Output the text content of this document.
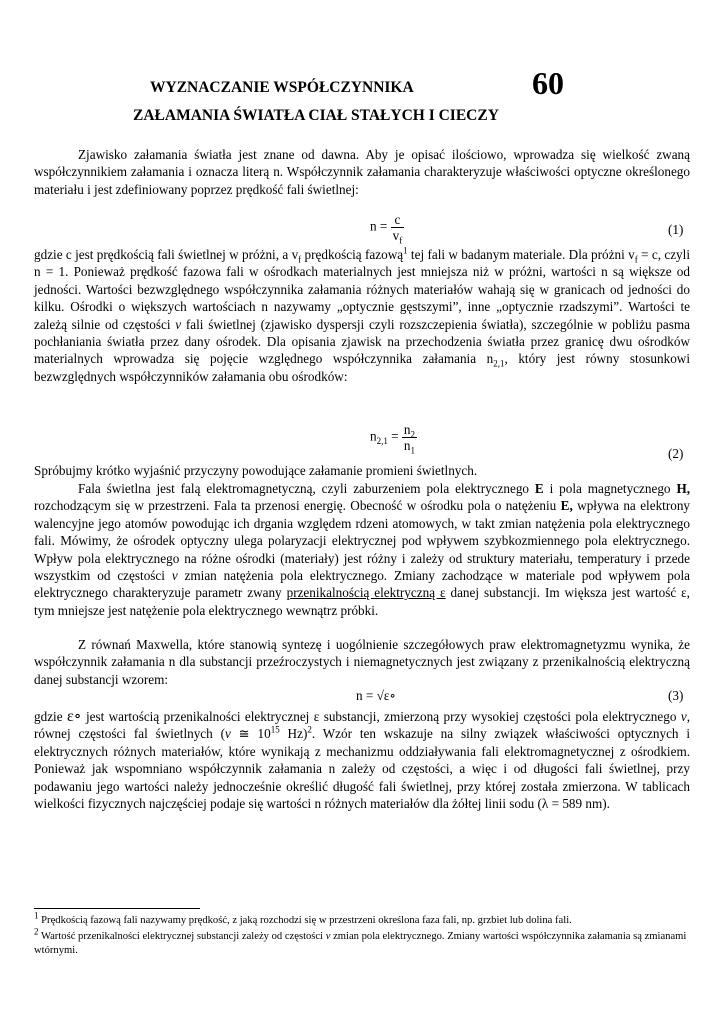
WYZNACZANIE WSPÓŁCZYNNIKA	60
ZAŁAMANIA ŚWIATŁA CIAŁ STAŁYCH I CIECZY
Zjawisko załamania światła jest znane od dawna. Aby je opisać ilościowo, wprowadza się wielkość zwaną współczynnikiem załamania i oznacza literą n. Współczynnik załamania charakteryzuje właściwości optyczne określonego materiału i jest zdefiniowany poprzez prędkość fali świetlnej:
$n = \frac{c}{v_f}$	(1)
gdzie c jest prędkością fali świetlnej w próżni, a $v_f$ prędkością fazową$^1$ tej fali w badanym materiale. Dla próżni $v_f = c$, czyli n = 1. Ponieważ prędkość fazowa fali w ośrodkach materialnych jest mniejsza niż w próżni, wartości n są większe od jedności. Wartości bezwzględnego współczynnika załamania różnych materiałów wahają się w granicach od jedności do kilku. Ośrodki o większych wartościach n nazywamy „optycznie gęstszymi”, inne „optycznie rzadszymi”. Wartości te zależą silnie od częstości ν fali świetlnej (zjawisko dyspersji czyli rozszczepienia światła), szczególnie w pobliżu pasma pochłaniania światła przez dany ośrodek. Dla opisania zjawisk na przechodzenia światła przez granicę dwu ośrodków materialnych wprowadza się pojęcie względnego współczynnika załamania $n_{2,1}$, który jest równy stosunkowi bezwzględnych współczynników załamania obu ośrodków:
$n_{2,1} = \frac{n_2}{n_1}$
(2)
Spróbujmy krótko wyjaśnić przyczyny powodujące załamanie promieni świetlnych.
Fala świetlna jest falą elektromagnetyczną, czyli zaburzeniem pola elektrycznego E i pola magnetycznego H, rozchodzącym się w przestrzeni. Fala ta przenosi energię. Obecność w ośrodku pola o natężeniu E, wpływa na elektrony walencyjne jego atomów powodując ich drgania względem rdzeni atomowych, w takt zmian natężenia pola elektrycznego fali. Mówimy, że ośrodek optyczny ulega polaryzacji elektrycznej pod wpływem szybkozmiennego pola elektrycznego. Wpływ pola elektrycznego na różne ośrodki (materiały) jest różny i zależy od struktury materiału, temperatury i przede wszystkim od częstości ν zmian natężenia pola elektrycznego. Zmiany zachodzące w materiale pod wpływem pola elektrycznego charakteryzuje parametr zwany przenikalnością elektryczną ε danej substancji. Im większa jest wartość ε, tym mniejsze jest natężenie pola elektrycznego wewnątrz próbki.
Z równań Maxwella, które stanowią syntezę i uogólnienie szczegółowych praw elektromagnetyzmu wynika, że współczynnik załamania n dla substancji przeźroczystych i niemagnetycznych jest związany z przenikalnością elektryczną danej substancji wzorem:
n = √ε∘	(3)
gdzie ε∘ jest wartością przenikalności elektrycznej ε substancji, zmierzoną przy wysokiej częstości pola elektrycznego ν, równej częstości fal świetlnych (ν ≅ $10^{15}$ Hz)$^2$. Wzór ten wskazuje na silny związek właściwości optycznych i elektrycznych różnych materiałów, które wynikają z mechanizmu oddziaływania fali elektromagnetycznej z ośrodkiem. Ponieważ jak wspomniano współczynnik załamania n zależy od częstości, a więc i od długości fali świetlnej, przy podawaniu jego wartości należy jednocześnie określić długość fali świetlnej, przy której została zmierzona. W tablicach wielkości fizycznych najczęściej podaje się wartości n różnych materiałów dla żółtej linii sodu (λ = 589 nm).
$^1$ Prędkością fazową fali nazywamy prędkość, z jaką rozchodzi się w przestrzeni określona faza fali, np. grzbiet lub dolina fali.
$^2$ Wartość przenikalności elektrycznej substancji zależy od częstości ν zmian pola elektrycznego. Zmiany wartości współczynnika załamania są zmianami wtórnymi.
